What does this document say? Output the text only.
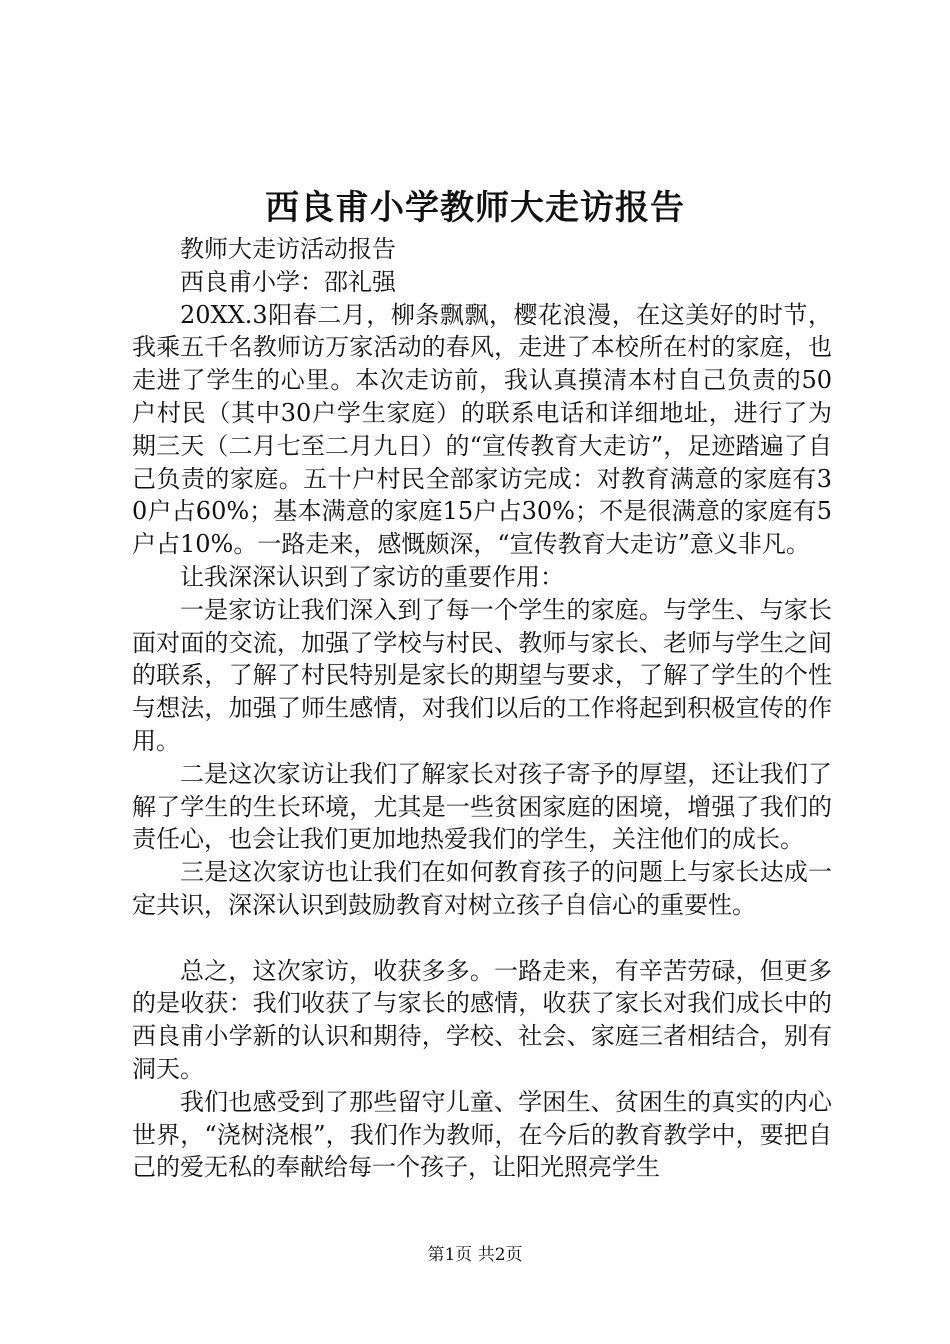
西良甫小学教师大走访报告

教师大走访活动报告

西良甫小学：邵礼强

20XX.3阳春二月，柳条飘飘，樱花浪漫，在这美好的时节，我乘五千名教师访万家活动的春风，走进了本校所在村的家庭，也走进了学生的心里。本次走访前，我认真摸清本村自己负责的50户村民（其中30户学生家庭）的联系电话和详细地址，进行了为期三天（二月七至二月九日）的“宣传教育大走访”，足迹踏遍了自己负责的家庭。五十户村民全部家访完成：对教育满意的家庭有30户占60%；基本满意的家庭15户占30%；不是很满意的家庭有5户占10%。一路走来，感慨颇深，“宣传教育大走访”意义非凡。

让我深深认识到了家访的重要作用：

一是家访让我们深入到了每一个学生的家庭。与学生、与家长面对面的交流，加强了学校与村民、教师与家长、老师与学生之间的联系，了解了村民特别是家长的期望与要求，了解了学生的个性与想法，加强了师生感情，对我们以后的工作将起到积极宣传的作用。

二是这次家访让我们了解家长对孩子寄予的厚望，还让我们了解了学生的生长环境，尤其是一些贫困家庭的困境，增强了我们的责任心，也会让我们更加地热爱我们的学生，关注他们的成长。

三是这次家访也让我们在如何教育孩子的问题上与家长达成一定共识，深深认识到鼓励教育对树立孩子自信心的重要性。

总之，这次家访，收获多多。一路走来，有辛苦劳碌，但更多的是收获：我们收获了与家长的感情，收获了家长对我们成长中的西良甫小学新的认识和期待，学校、社会、家庭三者相结合，别有洞天。

我们也感受到了那些留守儿童、学困生、贫困生的真实的内心世界，“浇树浇根”，我们作为教师，在今后的教育教学中，要把自己的爱无私的奉献给每一个孩子，让阳光照亮学生

第1页 共2页
